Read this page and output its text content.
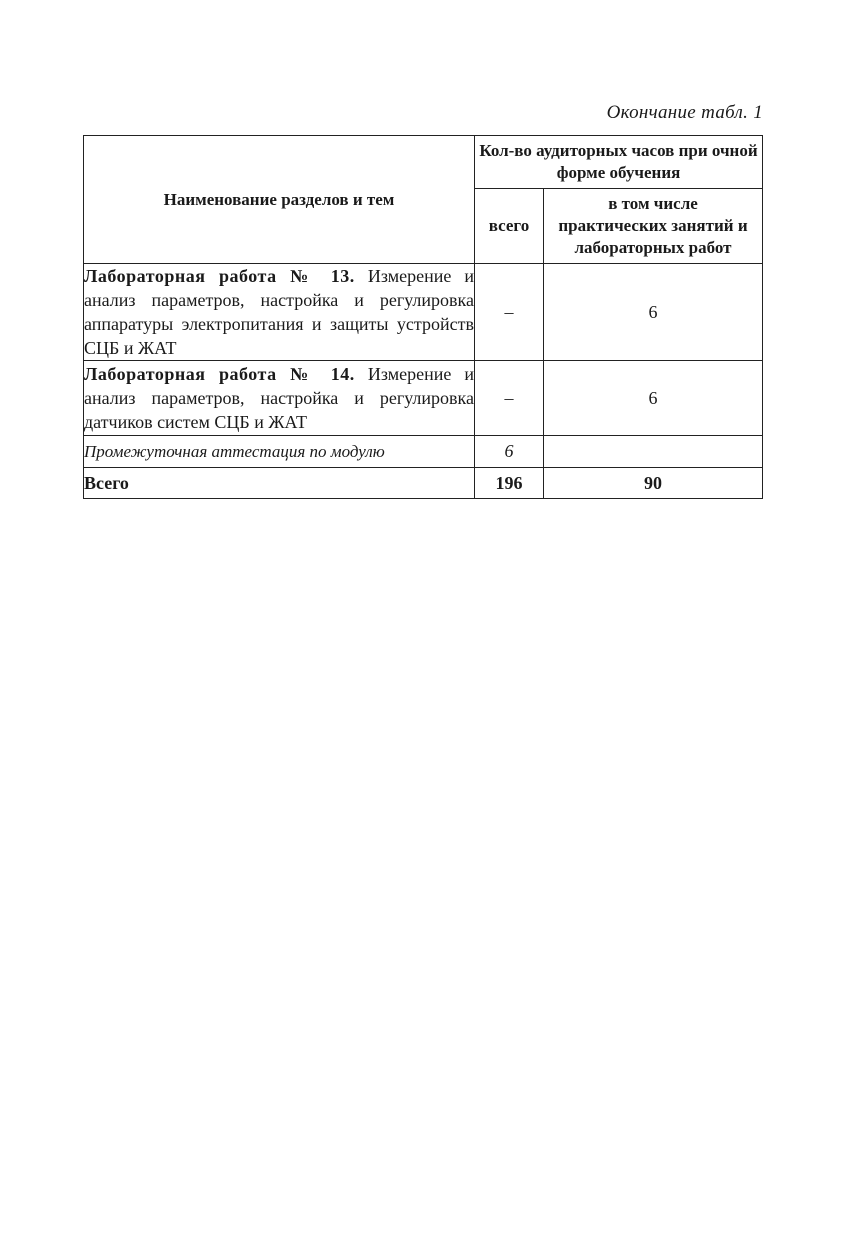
Окончание табл. 1
Наименование разделов и тем	Кол-во аудиторных часов при очной форме обучения	
	всего	в том числе практических занятий и лабораторных работ
Лабораторная работа № 13. Измерение и анализ параметров, настройка и регулировка аппаратуры электропитания и защиты устройств СЦБ и ЖАТ	–	6
Лабораторная работа № 14. Измерение и анализ параметров, настройка и регулировка датчиков систем СЦБ и ЖАТ	–	6
Промежуточная аттестация по модулю	6	
Всего	196	90
